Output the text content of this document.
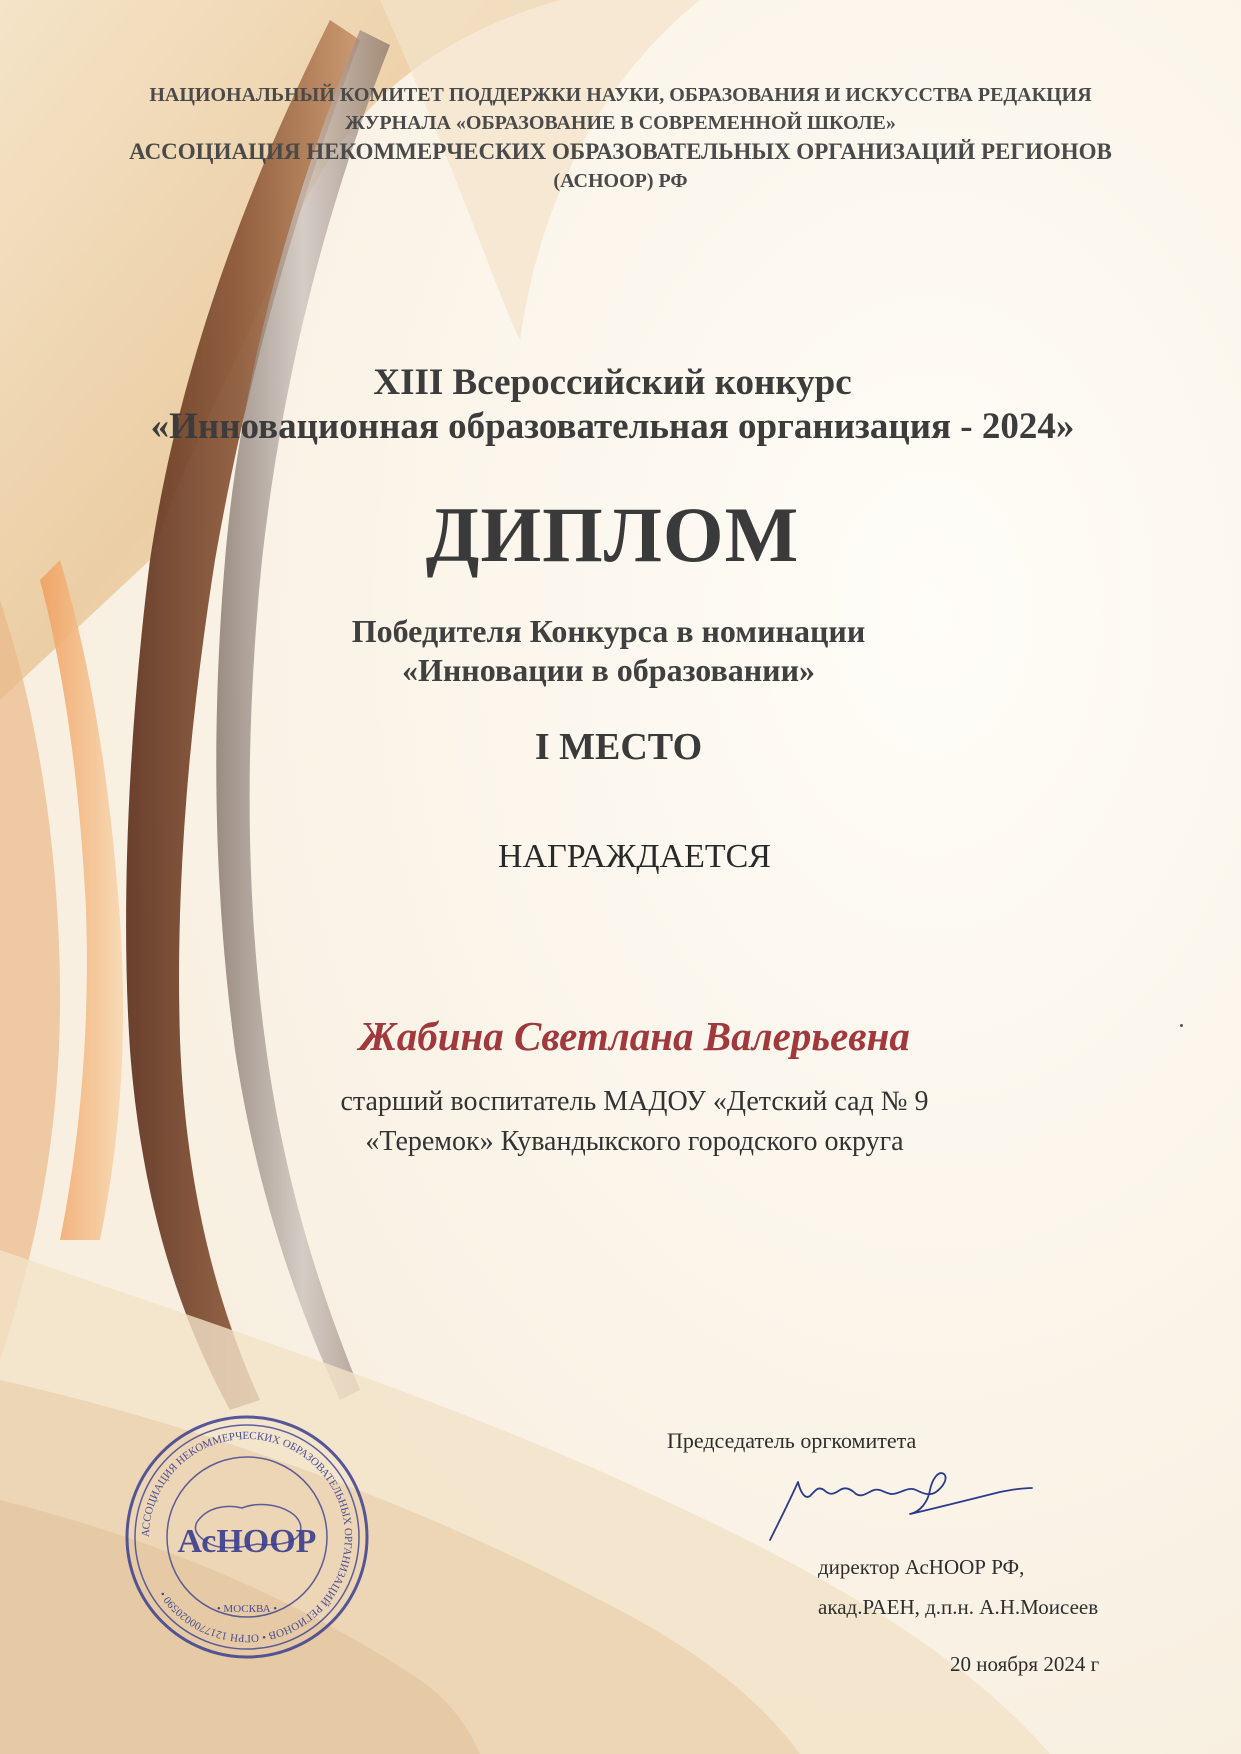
НАЦИОНАЛЬНЫЙ КОМИТЕТ ПОДДЕРЖКИ НАУКИ, ОБРАЗОВАНИЯ И ИСКУССТВА РЕДАКЦИЯ

ЖУРНАЛА «ОБРАЗОВАНИЕ В СОВРЕМЕННОЙ ШКОЛЕ»

АССОЦИАЦИЯ НЕКОММЕРЧЕСКИХ ОБРАЗОВАТЕЛЬНЫХ ОРГАНИЗАЦИЙ РЕГИОНОВ

(АСНООР) РФ

XIII Всероссийский конкурс

«Инновационная образовательная организация - 2024»

ДИПЛОМ

Победителя Конкурса в номинации

«Инновации в образовании»

I МЕСТО

НАГРАЖДАЕТСЯ

Жабина Светлана Валерьевна

старший воспитатель МАДОУ «Детский сад № 9

«Теремок» Кувандыкского городского округа

АССОЦИАЦИЯ НЕКОММЕРЧЕСКИХ ОБРАЗОВАТЕЛЬНЫХ ОРГАНИЗАЦИЙ РЕГИОНОВ • ОГРН 1217700020590 •
АсНООР
• МОСКВА •
Председатель оргкомитета
директор АсНООР РФ,
акад.РАЕН, д.п.н. А.Н.Моисеев
20 ноября 2024 г
